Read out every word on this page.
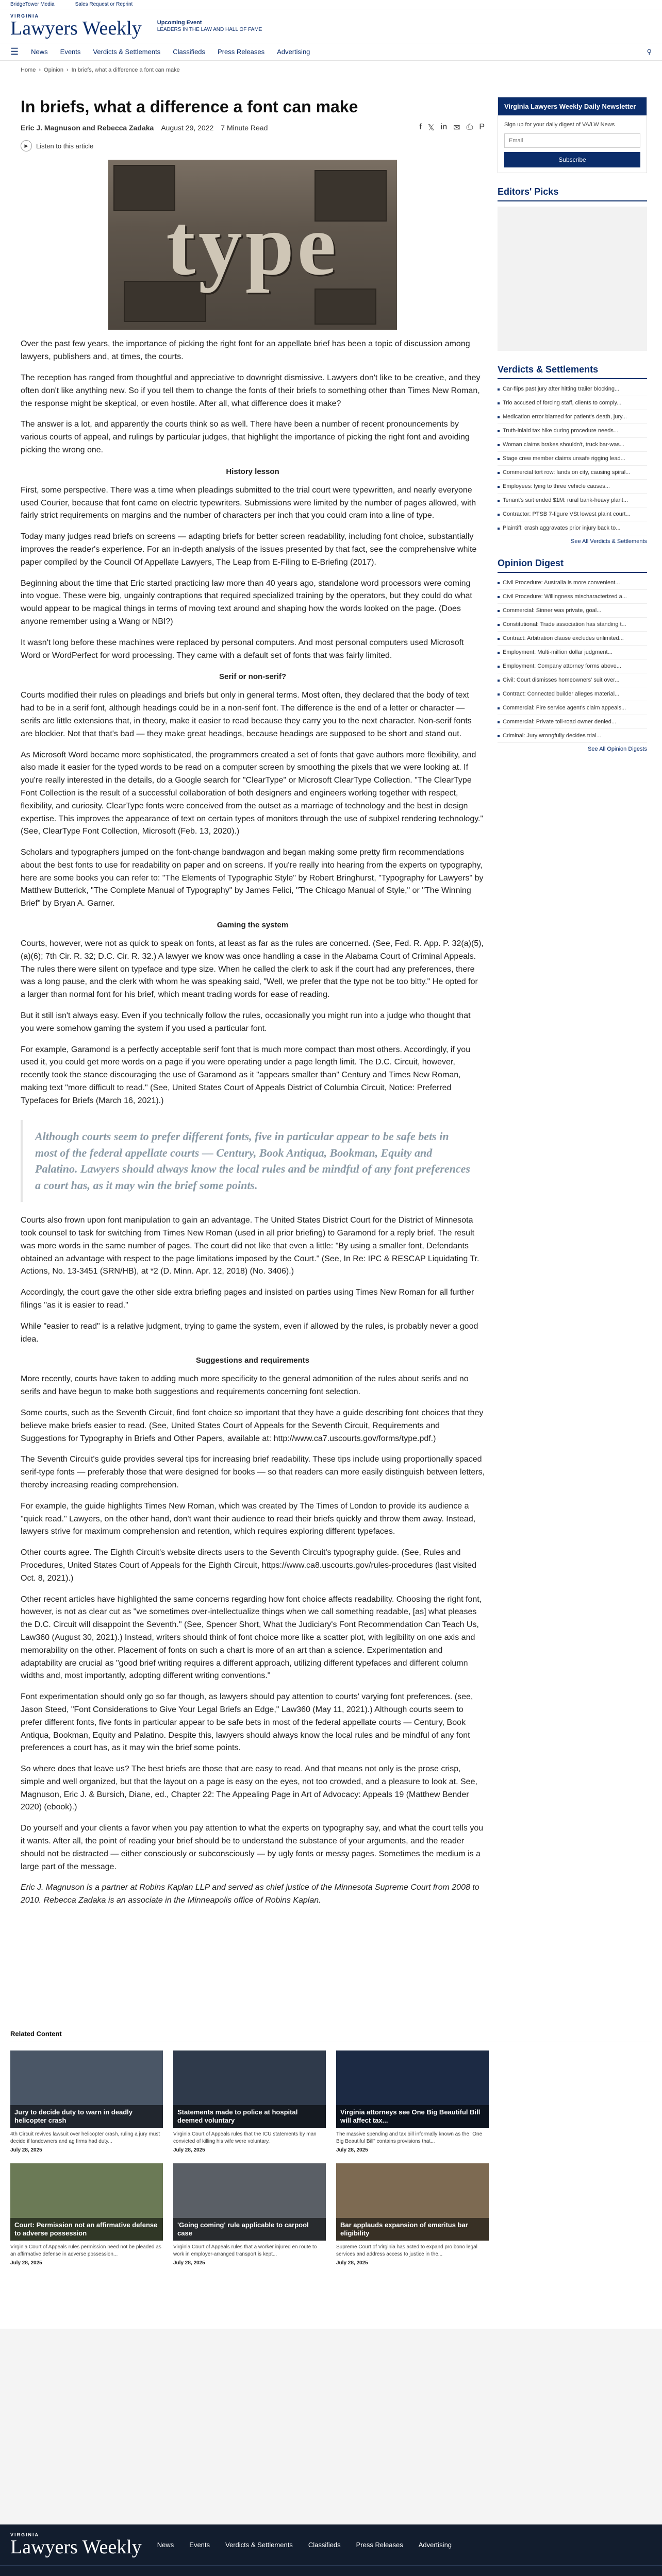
BridgeTower Media	Sales Request or Reprint
VIRGINIA
Lawyers Weekly	Upcoming Event
LEADERS IN THE LAW AND HALL OF FAME
☰ News Events Verdicts & Settlements Classifieds Press Releases Advertising	⚲
Home › Opinion › In briefs, what a difference a font can make
In briefs, what a difference a font can make
Eric J. Magnuson and Rebecca Zadaka August 29, 2022 7 Minute Read	f 𝕏 in ✉ ⎙ P
▶	Listen to this article
type

Over the past few years, the importance of picking the right font for an appellate brief has been a topic of discussion among lawyers, publishers and, at times, the courts.

The reception has ranged from thoughtful and appreciative to downright dismissive. Lawyers don't like to be creative, and they often don't like anything new. So if you tell them to change the fonts of their briefs to something other than Times New Roman, the response might be skeptical, or even hostile. After all, what difference does it make?

The answer is a lot, and apparently the courts think so as well. There have been a number of recent pronouncements by various courts of appeal, and rulings by particular judges, that highlight the importance of picking the right font and avoiding picking the wrong one.

History lesson

First, some perspective. There was a time when pleadings submitted to the trial court were typewritten, and nearly everyone used Courier, because that font came on electric typewriters. Submissions were limited by the number of pages allowed, with fairly strict requirements on margins and the number of characters per inch that you could cram into a line of type.

Today many judges read briefs on screens — adapting briefs for better screen readability, including font choice, substantially improves the reader's experience. For an in-depth analysis of the issues presented by that fact, see the comprehensive white paper compiled by the Council Of Appellate Lawyers, The Leap from E-Filing to E-Briefing (2017).

Beginning about the time that Eric started practicing law more than 40 years ago, standalone word processors were coming into vogue. These were big, ungainly contraptions that required specialized training by the operators, but they could do what would appear to be magical things in terms of moving text around and shaping how the words looked on the page. (Does anyone remember using a Wang or NBI?)

It wasn't long before these machines were replaced by personal computers. And most personal computers used Microsoft Word or WordPerfect for word processing. They came with a default set of fonts that was fairly limited.

Serif or non-serif?

Courts modified their rules on pleadings and briefs but only in general terms. Most often, they declared that the body of text had to be in a serif font, although headings could be in a non-serif font. The difference is the end of a letter or character — serifs are little extensions that, in theory, make it easier to read because they carry you to the next character. Non-serif fonts are blockier. Not that that's bad — they make great headings, because headings are supposed to be short and stand out.

As Microsoft Word became more sophisticated, the programmers created a set of fonts that gave authors more flexibility, and also made it easier for the typed words to be read on a computer screen by smoothing the pixels that we were looking at. If you're really interested in the details, do a Google search for "ClearType" or Microsoft ClearType Collection. "The ClearType Font Collection is the result of a successful collaboration of both designers and engineers working together with respect, flexibility, and curiosity. ClearType fonts were conceived from the outset as a marriage of technology and the best in design expertise. This improves the appearance of text on certain types of monitors through the use of subpixel rendering technology." (See, ClearType Font Collection, Microsoft (Feb. 13, 2020).)

Scholars and typographers jumped on the font-change bandwagon and began making some pretty firm recommendations about the best fonts to use for readability on paper and on screens. If you're really into hearing from the experts on typography, here are some books you can refer to: "The Elements of Typographic Style" by Robert Bringhurst, "Typography for Lawyers" by Matthew Butterick, "The Complete Manual of Typography" by James Felici, "The Chicago Manual of Style," or "The Winning Brief" by Bryan A. Garner.

Gaming the system

Courts, however, were not as quick to speak on fonts, at least as far as the rules are concerned. (See, Fed. R. App. P. 32(a)(5), (a)(6); 7th Cir. R. 32; D.C. Cir. R. 32.) A lawyer we know was once handling a case in the Alabama Court of Criminal Appeals. The rules there were silent on typeface and type size. When he called the clerk to ask if the court had any preferences, there was a long pause, and the clerk with whom he was speaking said, "Well, we prefer that the type not be too bitty." He opted for a larger than normal font for his brief, which meant trading words for ease of reading.

But it still isn't always easy. Even if you technically follow the rules, occasionally you might run into a judge who thought that you were somehow gaming the system if you used a particular font.

For example, Garamond is a perfectly acceptable serif font that is much more compact than most others. Accordingly, if you used it, you could get more words on a page if you were operating under a page length limit. The D.C. Circuit, however, recently took the stance discouraging the use of Garamond as it "appears smaller than" Century and Times New Roman, making text "more difficult to read." (See, United States Court of Appeals District of Columbia Circuit, Notice: Preferred Typefaces for Briefs (March 16, 2021).)

Although courts seem to prefer different fonts, five in particular appear to be safe bets in most of the federal appellate courts — Century, Book Antiqua, Bookman, Equity and Palatino. Lawyers should always know the local rules and be mindful of any font preferences a court has, as it may win the brief some points.

Courts also frown upon font manipulation to gain an advantage. The United States District Court for the District of Minnesota took counsel to task for switching from Times New Roman (used in all prior briefing) to Garamond for a reply brief. The result was more words in the same number of pages. The court did not like that even a little: "By using a smaller font, Defendants obtained an advantage with respect to the page limitations imposed by the Court." (See, In Re: IPC & RESCAP Liquidating Tr. Actions, No. 13-3451 (SRN/HB), at *2 (D. Minn. Apr. 12, 2018) (No. 3406).)

Accordingly, the court gave the other side extra briefing pages and insisted on parties using Times New Roman for all further filings "as it is easier to read."

While "easier to read" is a relative judgment, trying to game the system, even if allowed by the rules, is probably never a good idea.

Suggestions and requirements

More recently, courts have taken to adding much more specificity to the general admonition of the rules about serifs and no serifs and have begun to make both suggestions and requirements concerning font selection.

Some courts, such as the Seventh Circuit, find font choice so important that they have a guide describing font choices that they believe make briefs easier to read. (See, United States Court of Appeals for the Seventh Circuit, Requirements and Suggestions for Typography in Briefs and Other Papers, available at: http://www.ca7.uscourts.gov/forms/type.pdf.)

The Seventh Circuit's guide provides several tips for increasing brief readability. These tips include using proportionally spaced serif-type fonts — preferably those that were designed for books — so that readers can more easily distinguish between letters, thereby increasing reading comprehension.

For example, the guide highlights Times New Roman, which was created by The Times of London to provide its audience a "quick read." Lawyers, on the other hand, don't want their audience to read their briefs quickly and throw them away. Instead, lawyers strive for maximum comprehension and retention, which requires exploring different typefaces.

Other courts agree. The Eighth Circuit's website directs users to the Seventh Circuit's typography guide. (See, Rules and Procedures, United States Court of Appeals for the Eighth Circuit, https://www.ca8.uscourts.gov/rules-procedures (last visited Oct. 8, 2021).)

Other recent articles have highlighted the same concerns regarding how font choice affects readability. Choosing the right font, however, is not as clear cut as "we sometimes over-intellectualize things when we call something readable, [as] what pleases the D.C. Circuit will disappoint the Seventh." (See, Spencer Short, What the Judiciary's Font Recommendation Can Teach Us, Law360 (August 30, 2021).) Instead, writers should think of font choice more like a scatter plot, with legibility on one axis and memorability on the other. Placement of fonts on such a chart is more of an art than a science. Experimentation and adaptability are crucial as "good brief writing requires a different approach, utilizing different typefaces and different column widths and, most importantly, adopting different writing conventions."

Font experimentation should only go so far though, as lawyers should pay attention to courts' varying font preferences. (see, Jason Steed, "Font Considerations to Give Your Legal Briefs an Edge," Law360 (May 11, 2021).) Although courts seem to prefer different fonts, five fonts in particular appear to be safe bets in most of the federal appellate courts — Century, Book Antiqua, Bookman, Equity and Palatino. Despite this, lawyers should always know the local rules and be mindful of any font preferences a court has, as it may win the brief some points.

So where does that leave us? The best briefs are those that are easy to read. And that means not only is the prose crisp, simple and well organized, but that the layout on a page is easy on the eyes, not too crowded, and a pleasure to look at. See, Magnuson, Eric J. & Bursich, Diane, ed., Chapter 22: The Appealing Page in Art of Advocacy: Appeals 19 (Matthew Bender 2020) (ebook).)

Do yourself and your clients a favor when you pay attention to what the experts on typography say, and what the court tells you it wants. After all, the point of reading your brief should be to understand the substance of your arguments, and the reader should not be distracted — either consciously or subconsciously — by ugly fonts or messy pages. Sometimes the medium is a large part of the message.

Eric J. Magnuson is a partner at Robins Kaplan LLP and served as chief justice of the Minnesota Supreme Court from 2008 to 2010. Rebecca Zadaka is an associate in the Minneapolis office of Robins Kaplan.

Virginia Lawyers Weekly Daily Newsletter
Sign up for your daily digest of VA/LW News Email
Subscribe
Editors' Picks
Verdicts & Settlements
Car-flips past jury after hitting trailer blocking...
Trio accused of forcing staff, clients to comply...
Medication error blamed for patient's death, jury...
Truth-inlaid tax hike during procedure needs...
Woman claims brakes shouldn't, truck bar-was...
Stage crew member claims unsafe rigging lead...
Commercial tort row: lands on city, causing spiral...
Employees: lying to three vehicle causes...
Tenant's suit ended $1M: rural bank-heavy plant...
Contractor: PTSB 7-figure VSt lowest plaint court...
Plaintiff: crash aggravates prior injury back to...
See All Verdicts & Settlements
Opinion Digest
Civil Procedure: Australia is more convenient...
Civil Procedure: Willingness mischaracterized a...
Commercial: Sinner was private, goal...
Constitutional: Trade association has standing t...
Contract: Arbitration clause excludes unlimited...
Employment: Multi-million dollar judgment...
Employment: Company attorney forms above...
Civil: Court dismisses homeowners' suit over...
Contract: Connected builder alleges material...
Commercial: Fire service agent's claim appeals...
Commercial: Private toll-road owner denied...
Criminal: Jury wrongfully decides trial...
See All Opinion Digests
Related Content
Jury to decide duty to warn in deadly helicopter crash
4th Circuit revives lawsuit over helicopter crash, ruling a jury must decide if landowners and ag firms had duty...
July 28, 2025
Statements made to police at hospital deemed voluntary
Virginia Court of Appeals rules that the ICU statements by man convicted of killing his wife were voluntary.
July 28, 2025
Virginia attorneys see One Big Beautiful Bill will affect tax...
The massive spending and tax bill informally known as the "One Big Beautiful Bill" contains provisions that...
July 28, 2025
Court: Permission not an affirmative defense to adverse possession
Virginia Court of Appeals rules permission need not be pleaded as an affirmative defense in adverse possession...
July 28, 2025
'Going coming' rule applicable to carpool case
Virginia Court of Appeals rules that a worker injured en route to work in employer-arranged transport is kept...
July 28, 2025
Bar applauds expansion of emeritus bar eligibility
Supreme Court of Virginia has acted to expand pro bono legal services and address access to justice in the...
July 28, 2025
VIRGINIA
Lawyers Weekly News Events Verdicts & Settlements Classifieds Press Releases Advertising
